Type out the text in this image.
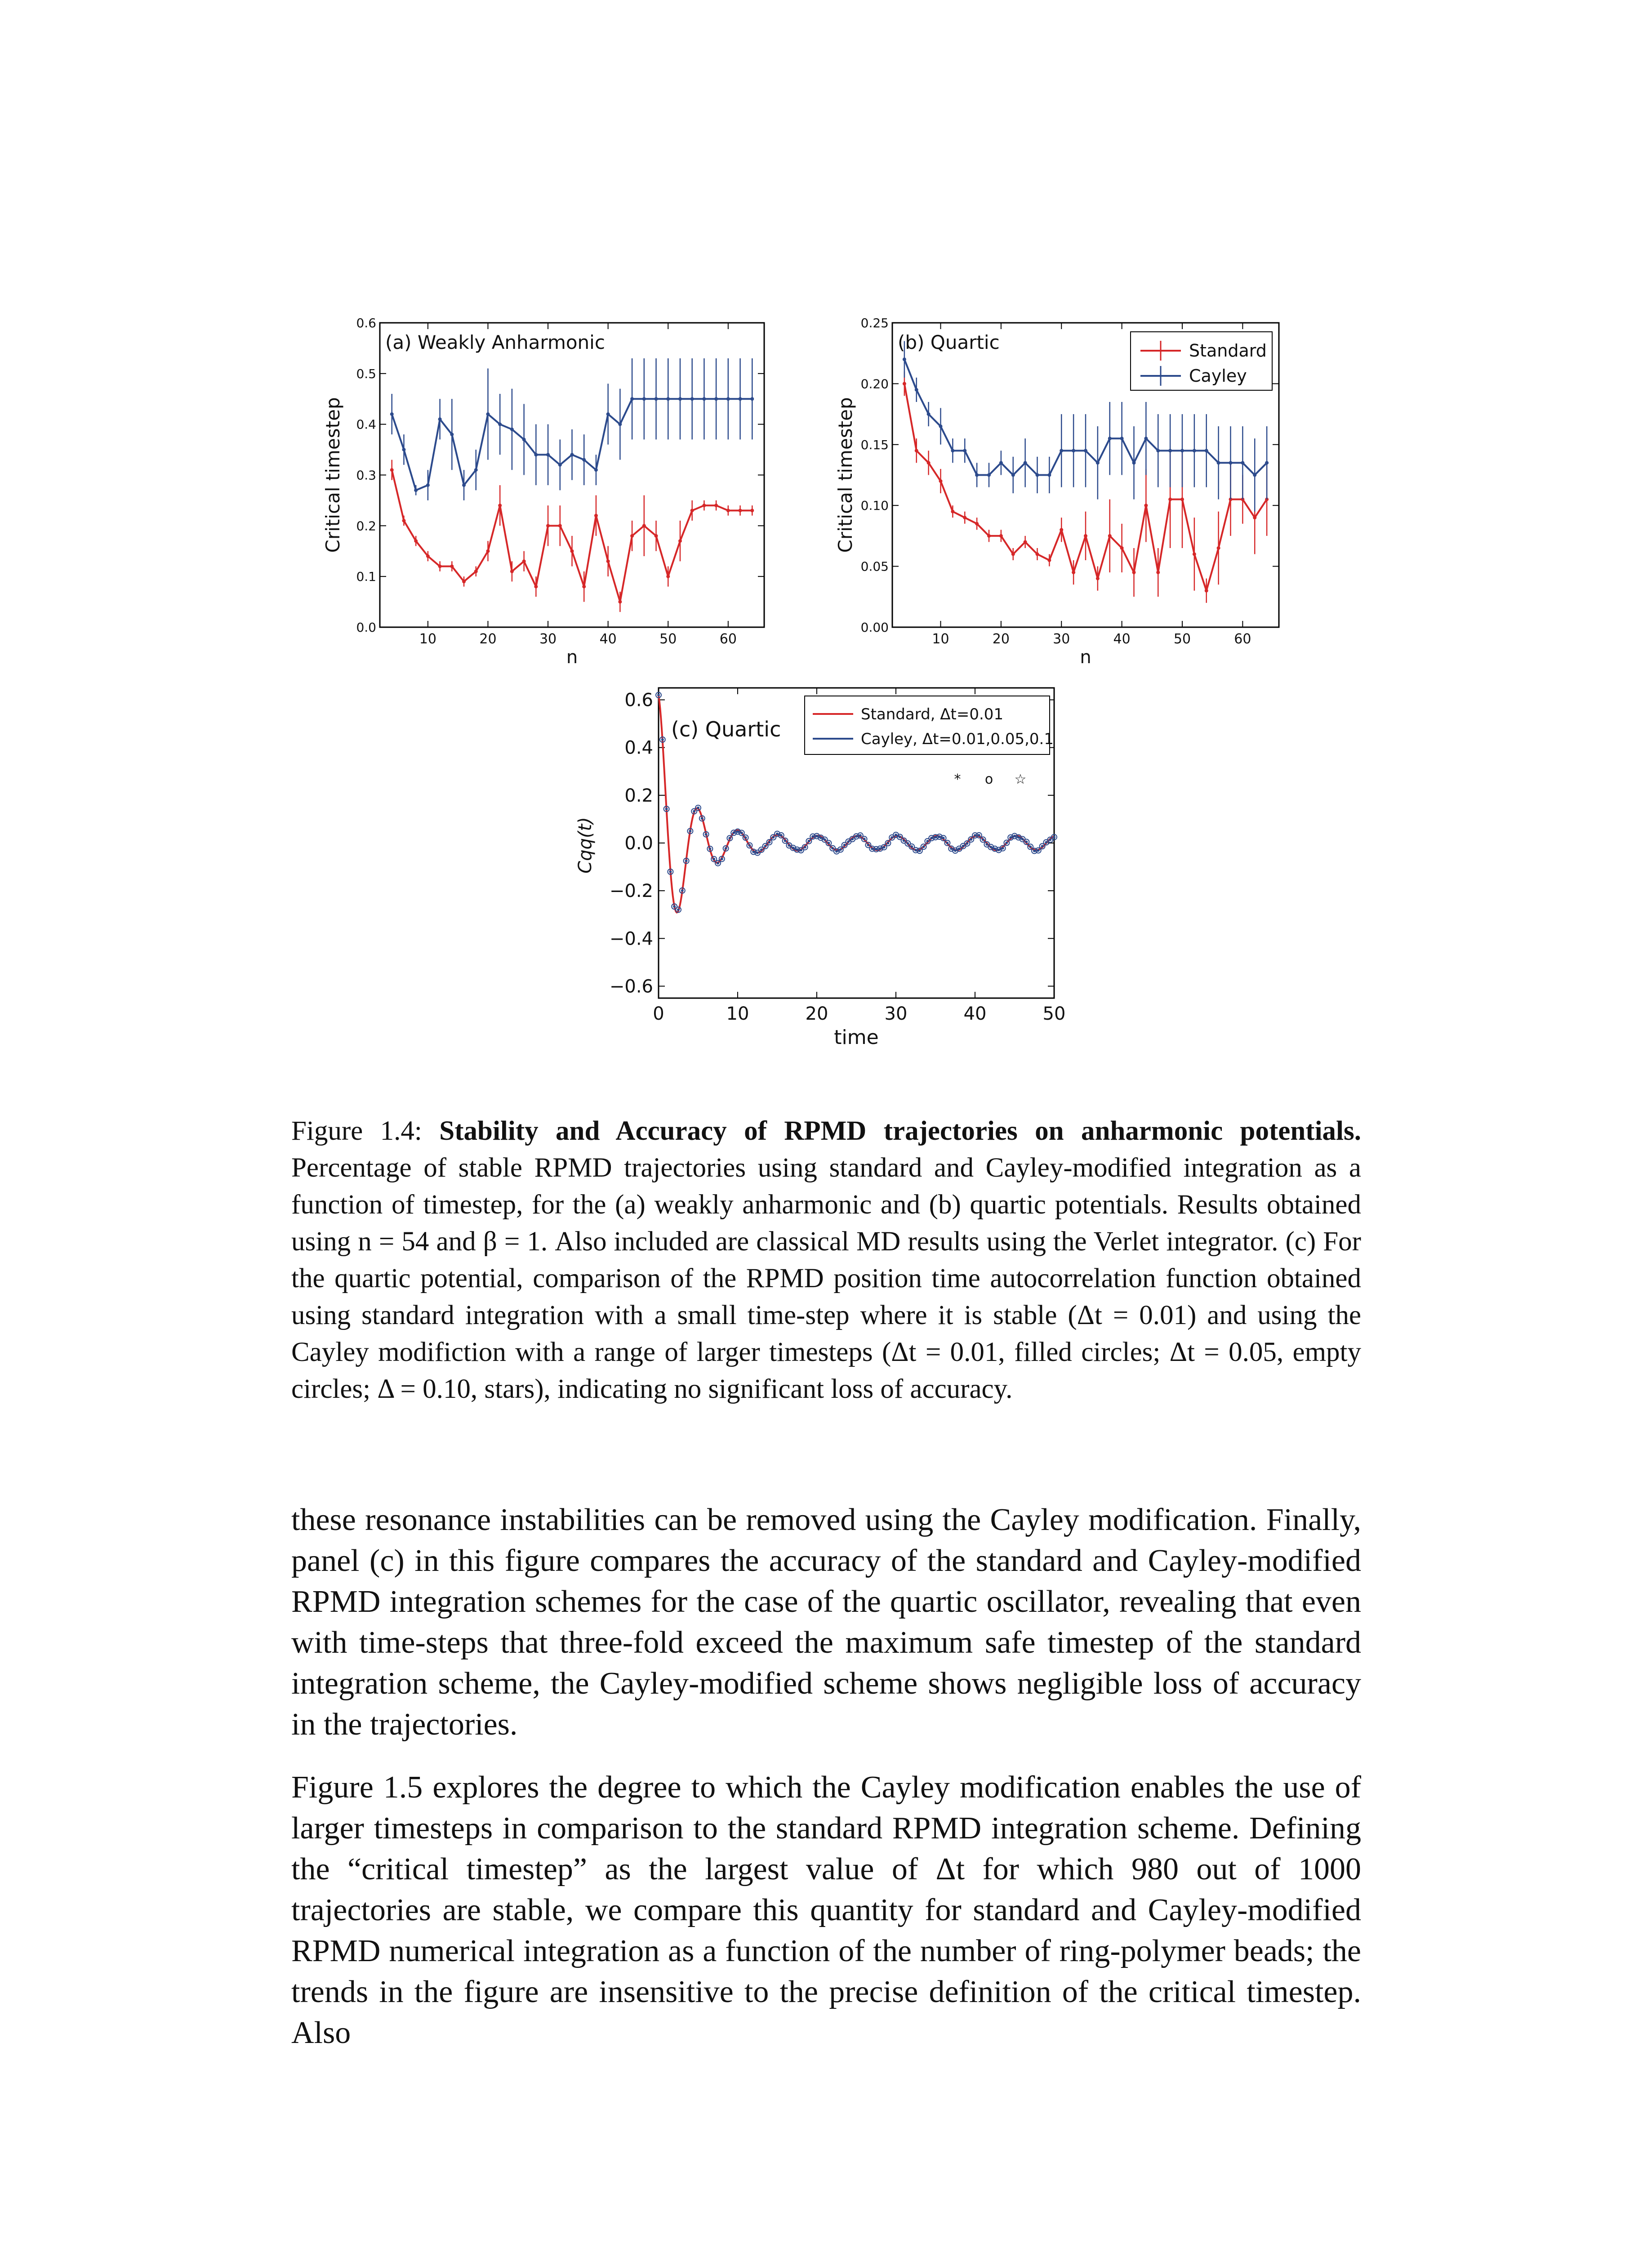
10	20	30	40	50	60
0.0
0.1
0.2
0.3
0.4
0.5
0.6
n
Critical timestep
(a) Weakly Anharmonic
10	20	30	40	50	60
0.00
0.05
0.10
0.15
0.20
0.25
n
Critical timestep
(b) Quartic	Standard
Cayley
0	10	20	30	40	50
0.6
0.4
0.2
0.0
−0.2
−0.4
−0.6
time
Cqq(t)
(c) Quartic
Standard, Δt=0.01
Cayley, Δt=0.01,0.05,0.1
* o ☆
Figure 1.4: Stability and Accuracy of RPMD trajectories on anharmonic potentials. Percentage of stable RPMD trajectories using standard and Cayley-modified integration as a function of timestep, for the (a) weakly anharmonic and (b) quartic potentials. Results obtained using n = 54 and β = 1. Also included are classical MD results using the Verlet integrator. (c) For the quartic potential, comparison of the RPMD position time autocorrelation function obtained using standard integration with a small time-step where it is stable (Δt = 0.01) and using the Cayley modifiction with a range of larger timesteps (Δt = 0.01, filled circles; Δt = 0.05, empty circles; Δ = 0.10, stars), indicating no significant loss of accuracy.

these resonance instabilities can be removed using the Cayley modification. Finally, panel (c) in this figure compares the accuracy of the standard and Cayley-modified RPMD integration schemes for the case of the quartic oscillator, revealing that even with time-steps that three-fold exceed the maximum safe timestep of the standard integration scheme, the Cayley-modified scheme shows negligible loss of accuracy in the trajectories.

Figure 1.5 explores the degree to which the Cayley modification enables the use of larger timesteps in comparison to the standard RPMD integration scheme. Defining the “critical timestep” as the largest value of Δt for which 980 out of 1000 trajectories are stable, we compare this quantity for standard and Cayley-modified RPMD numerical integration as a function of the number of ring-polymer beads; the trends in the figure are insensitive to the precise definition of the critical timestep. Also
